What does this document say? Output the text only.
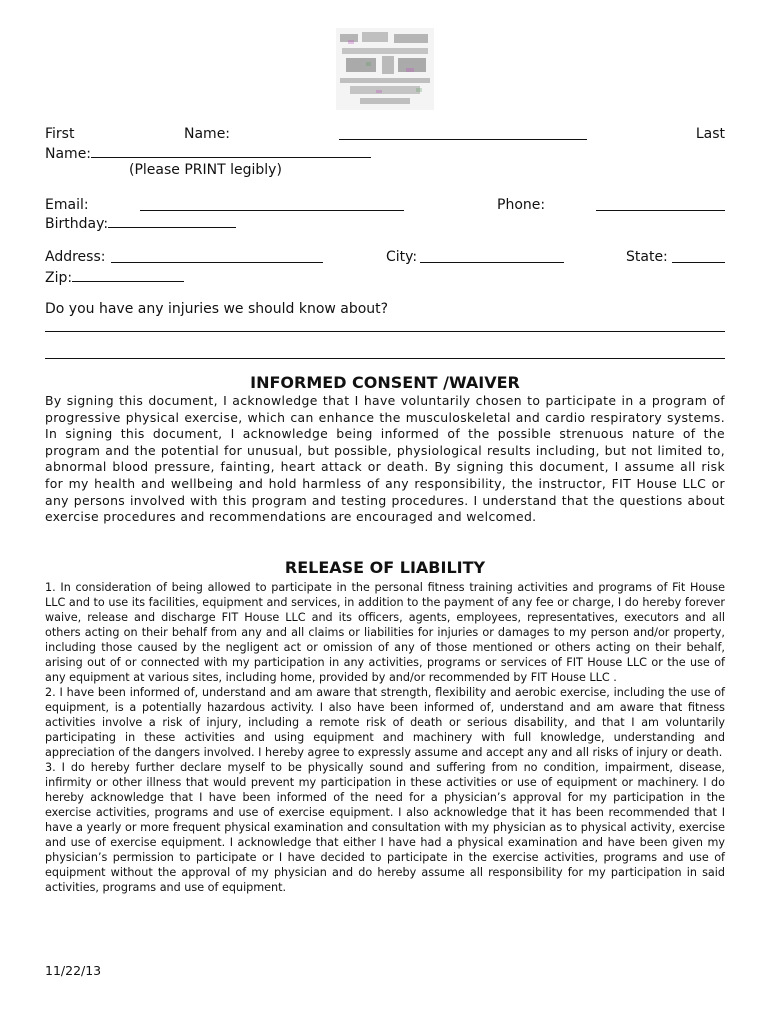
First	Name:	Last
Name:
(Please PRINT legibly)
Email:	Phone:
Birthday:
Address:	City:	State:
Zip:
Do you have any injuries we should know about?
INFORMED CONSENT /WAIVER

By signing this document, I acknowledge that I have voluntarily chosen to participate in a program of progressive physical exercise, which can enhance the musculoskeletal and cardio respiratory systems. In signing this document, I acknowledge being informed of the possible strenuous nature of the program and the potential for unusual, but possible, physiological results including, but not limited to, abnormal blood pressure, fainting, heart attack or death. By signing this document, I assume all risk for my health and wellbeing and hold harmless of any responsibility, the instructor, FIT House LLC or any persons involved with this program and testing procedures. I understand that the questions about exercise procedures and recommendations are encouraged and welcomed.

RELEASE OF LIABILITY

1. In consideration of being allowed to participate in the personal fitness training activities and programs of Fit House LLC and to use its facilities, equipment and services, in addition to the payment of any fee or charge, I do hereby forever waive, release and discharge FIT House LLC and its officers, agents, employees, representatives, executors and all others acting on their behalf from any and all claims or liabilities for injuries or damages to my person and/or property, including those caused by the negligent act or omission of any of those mentioned or others acting on their behalf, arising out of or connected with my participation in any activities, programs or services of FIT House LLC or the use of any equipment at various sites, including home, provided by and/or recommended by FIT House LLC .

2. I have been informed of, understand and am aware that strength, flexibility and aerobic exercise, including the use of equipment, is a potentially hazardous activity. I also have been informed of, understand and am aware that fitness activities involve a risk of injury, including a remote risk of death or serious disability, and that I am voluntarily participating in these activities and using equipment and machinery with full knowledge, understanding and appreciation of the dangers involved. I hereby agree to expressly assume and accept any and all risks of injury or death.

3. I do hereby further declare myself to be physically sound and suffering from no condition, impairment, disease, infirmity or other illness that would prevent my participation in these activities or use of equipment or machinery. I do hereby acknowledge that I have been informed of the need for a physician’s approval for my participation in the exercise activities, programs and use of exercise equipment. I also acknowledge that it has been recommended that I have a yearly or more frequent physical examination and consultation with my physician as to physical activity, exercise and use of exercise equipment. I acknowledge that either I have had a physical examination and have been given my physician’s permission to participate or I have decided to participate in the exercise activities, programs and use of equipment without the approval of my physician and do hereby assume all responsibility for my participation in said activities, programs and use of equipment.

11/22/13
